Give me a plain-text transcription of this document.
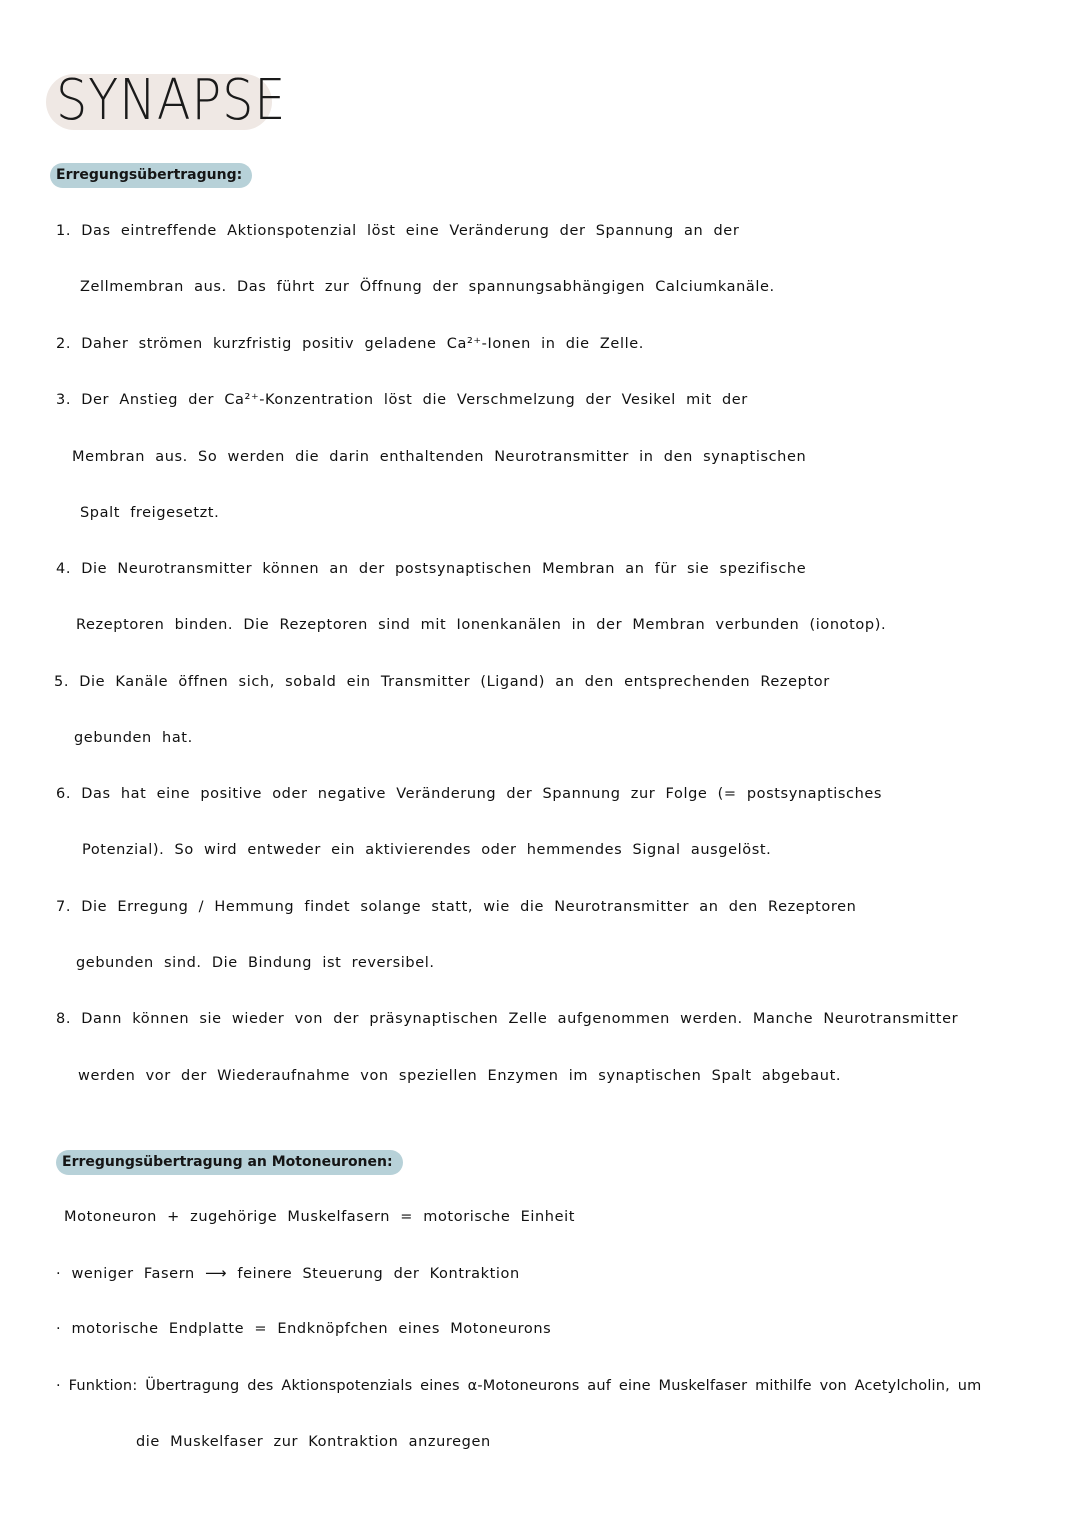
SYNAPSE
Erregungsübertragung:
1. Das eintreffende Aktionspotenzial löst eine Veränderung der Spannung an der
Zellmembran aus. Das führt zur Öffnung der spannungsabhängigen Calciumkanäle.
2. Daher strömen kurzfristig positiv geladene Ca²⁺-Ionen in die Zelle.
3. Der Anstieg der Ca²⁺-Konzentration löst die Verschmelzung der Vesikel mit der
Membran aus. So werden die darin enthaltenden Neurotransmitter in den synaptischen
Spalt freigesetzt.
4. Die Neurotransmitter können an der postsynaptischen Membran an für sie spezifische
Rezeptoren binden. Die Rezeptoren sind mit Ionenkanälen in der Membran verbunden (ionotop).
5. Die Kanäle öffnen sich, sobald ein Transmitter (Ligand) an den entsprechenden Rezeptor
gebunden hat.
6. Das hat eine positive oder negative Veränderung der Spannung zur Folge (= postsynaptisches
Potenzial). So wird entweder ein aktivierendes oder hemmendes Signal ausgelöst.
7. Die Erregung / Hemmung findet solange statt, wie die Neurotransmitter an den Rezeptoren
gebunden sind. Die Bindung ist reversibel.
8. Dann können sie wieder von der präsynaptischen Zelle aufgenommen werden. Manche Neurotransmitter
werden vor der Wiederaufnahme von speziellen Enzymen im synaptischen Spalt abgebaut.
Erregungsübertragung an Motoneuronen:
Motoneuron + zugehörige Muskelfasern = motorische Einheit
· weniger Fasern ⟶ feinere Steuerung der Kontraktion
· motorische Endplatte = Endknöpfchen eines Motoneurons
· Funktion: Übertragung des Aktionspotenzials eines α-Motoneurons auf eine Muskelfaser mithilfe von Acetylcholin, um
die Muskelfaser zur Kontraktion anzuregen
